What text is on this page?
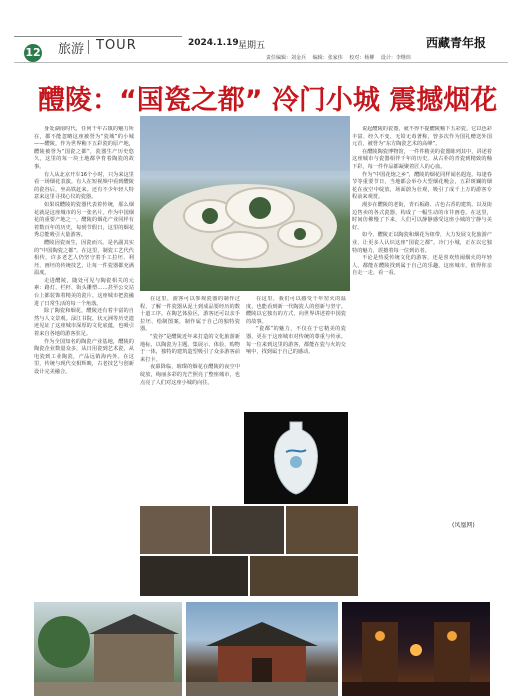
12 旅游 TOUR	2024.1.19 星期五	西藏青年报
责任编辑：刘金兵 编辑：张家伟 校对：杨柳 设计：李继炜
醴陵：“国瓷之都” 冷门小城 震撼烟花

身处湖南时代，任何千年古镇的魅力所在，都不能忽略这座被誉为“瓷城”的小城——醴陵。作为世界釉下五彩瓷的原产地，醴陵被誉为“国瓷之都”，瓷器生产历史悠久，这里的每一块土地都孕育着陶瓷的故事。

有人从北京开车16个小时，只为来这里看一场烟花表演。有人在短视频中看到醴陵的瓷谷后，坐高铁赶来。还有不少年轻人特意来这里寻找心仪的瓷器。

如果说醴陵的瓷器代表着传统，那么烟花就是这座城市的另一张名片。作为中国烟花的重要产地之一，醴陵的烟花产业同样有着数百年的历史，每到节假日，这里的烟花秀总能吸引大量游客。

醴陵因瓷而生，因瓷而兴。是名副其实的“中国陶瓷之都”。在这里，制瓷工艺代代相传，许多老艺人仍坚守着手工拉坯、利坯、画坯的传统技艺，让每一件瓷器都充满温度。

走进醴陵，随处可见与陶瓷相关的元素：路灯、栏杆、街头雕塑……甚至公交站台上都装饰着精美的瓷片。这座城市把瓷融进了日常生活的每一个角落。

除了陶瓷和烟花，醴陵还有着丰富的自然与人文景观。渌江书院、状元洲等历史遗迹见证了这座城市深厚的文化底蕴，也吸引着来自各地的游客驻足。

作为全国知名的陶瓷产业基地，醴陵的陶瓷企业数量众多，从日用瓷到艺术瓷，从电瓷到工业陶瓷，产品远销海内外。在这里，传统与现代交相辉映，古老技艺与创新设计完美融合。

在这里，游客可以参观瓷器的制作过程，了解一件瓷器从泥土到成品要经历的数十道工序。在陶艺体验区，游客还可以亲手拉坯、绘制图案，制作属于自己的独特瓷器。

“瓷谷”是醴陵近年来打造的文化旅游新地标，以陶瓷为主题，集展示、体验、购物于一体，独特的建筑造型吸引了众多游客前来打卡。

夜幕降临，璀璨的烟花在醴陵的夜空中绽放，绚丽多彩的光芒照亮了整座城市，也点亮了人们对这座小城的向往。

在这里，我们可以感受千年窑火的温度，也能看到新一代陶瓷人的创新与坚守。醴陵以它独有的方式，向世界讲述着中国瓷的故事。

“瓷都”的魅力，不仅在于它精美的瓷器，更在于这座城市对传统的尊重与传承。每一位来到这里的游客，都能在瓷与火的交响中，找到属于自己的感动。

说起醴陵的瓷器，就不得不提醴陵釉下五彩瓷。它以色彩丰富、经久不变、无铅无毒著称，曾多次作为国礼赠送外国元首，被誉为“东方陶瓷艺术的高峰”。

在醴陵陶瓷博物馆，一件件精美的瓷器陈列其中，讲述着这座城市与瓷器相伴千年的历史。从古朴的青瓷到精致的釉下彩，每一件作品都凝聚着匠人的心血。

作为“中国花炮之乡”，醴陵的烟花同样闻名遐迩。每逢春节等重要节日，当地都会举办大型烟花晚会，五彩斑斓的烟花在夜空中绽放，场面蔚为壮观，吸引了成千上万的游客专程前来观赏。

漫步在醴陵的老街，青石板路、古色古香的建筑，以及街边售卖的各式瓷器，构成了一幅生动的市井画卷。在这里，时间仿佛慢了下来，人们可以静静感受这座小城的宁静与美好。

如今，醴陵正以陶瓷和烟花为纽带，大力发展文化旅游产业，让更多人认识这座“国瓷之都”。冷门小城，正在以它独特的魅力，震撼着每一位到访者。

不论是热爱传统文化的游客，还是喜欢热闹烟火的年轻人，都能在醴陵找到属于自己的乐趣。这座城市，值得你亲自走一走、看一看。

(凤凰网)
